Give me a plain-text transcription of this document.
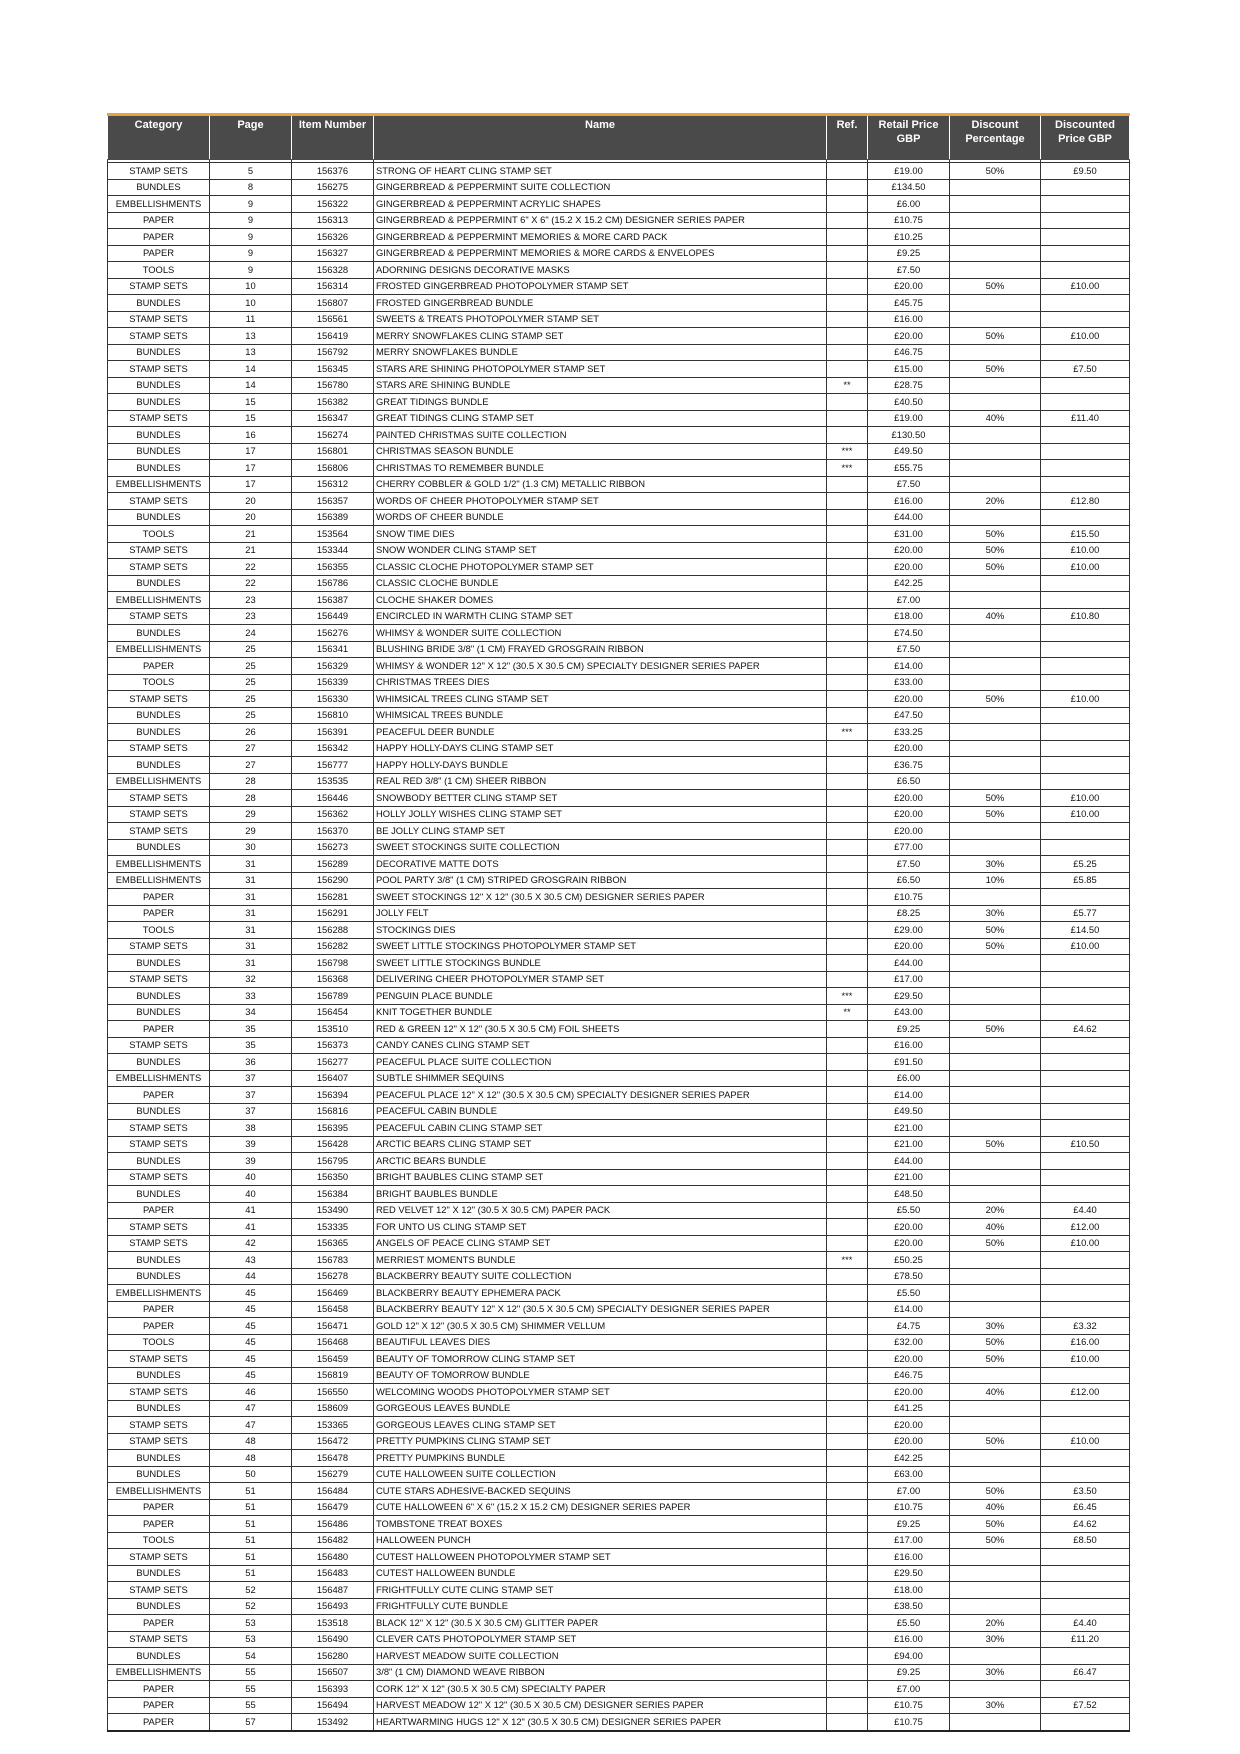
Category	Page	Item Number	Name	Ref.	Retail Price GBP	Discount Percentage	Discounted Price GBP

STAMP SETS	5	156376	STRONG OF HEART CLING STAMP SET		£19.00	50%	£9.50
BUNDLES	8	156275	GINGERBREAD & PEPPERMINT SUITE COLLECTION		£134.50		
EMBELLISHMENTS	9	156322	GINGERBREAD & PEPPERMINT ACRYLIC SHAPES		£6.00		
PAPER	9	156313	GINGERBREAD & PEPPERMINT 6" X 6" (15.2 X 15.2 CM) DESIGNER SERIES PAPER		£10.75		
PAPER	9	156326	GINGERBREAD & PEPPERMINT MEMORIES & MORE CARD PACK		£10.25		
PAPER	9	156327	GINGERBREAD & PEPPERMINT MEMORIES & MORE CARDS & ENVELOPES		£9.25		
TOOLS	9	156328	ADORNING DESIGNS DECORATIVE MASKS		£7.50		
STAMP SETS	10	156314	FROSTED GINGERBREAD PHOTOPOLYMER STAMP SET		£20.00	50%	£10.00
BUNDLES	10	156807	FROSTED GINGERBREAD BUNDLE		£45.75		
STAMP SETS	11	156561	SWEETS & TREATS PHOTOPOLYMER STAMP SET		£16.00		
STAMP SETS	13	156419	MERRY SNOWFLAKES CLING STAMP SET		£20.00	50%	£10.00
BUNDLES	13	156792	MERRY SNOWFLAKES BUNDLE		£46.75		
STAMP SETS	14	156345	STARS ARE SHINING PHOTOPOLYMER STAMP SET		£15.00	50%	£7.50
BUNDLES	14	156780	STARS ARE SHINING BUNDLE	**	£28.75		
BUNDLES	15	156382	GREAT TIDINGS BUNDLE		£40.50		
STAMP SETS	15	156347	GREAT TIDINGS CLING STAMP SET		£19.00	40%	£11.40
BUNDLES	16	156274	PAINTED CHRISTMAS SUITE COLLECTION		£130.50		
BUNDLES	17	156801	CHRISTMAS SEASON BUNDLE	***	£49.50		
BUNDLES	17	156806	CHRISTMAS TO REMEMBER BUNDLE	***	£55.75		
EMBELLISHMENTS	17	156312	CHERRY COBBLER & GOLD 1/2" (1.3 CM) METALLIC RIBBON		£7.50		
STAMP SETS	20	156357	WORDS OF CHEER PHOTOPOLYMER STAMP SET		£16.00	20%	£12.80
BUNDLES	20	156389	WORDS OF CHEER BUNDLE		£44.00		
TOOLS	21	153564	SNOW TIME DIES		£31.00	50%	£15.50
STAMP SETS	21	153344	SNOW WONDER CLING STAMP SET		£20.00	50%	£10.00
STAMP SETS	22	156355	CLASSIC CLOCHE PHOTOPOLYMER STAMP SET		£20.00	50%	£10.00
BUNDLES	22	156786	CLASSIC CLOCHE BUNDLE		£42.25		
EMBELLISHMENTS	23	156387	CLOCHE SHAKER DOMES		£7.00		
STAMP SETS	23	156449	ENCIRCLED IN WARMTH CLING STAMP SET		£18.00	40%	£10.80
BUNDLES	24	156276	WHIMSY & WONDER SUITE COLLECTION		£74.50		
EMBELLISHMENTS	25	156341	BLUSHING BRIDE 3/8" (1 CM) FRAYED GROSGRAIN RIBBON		£7.50		
PAPER	25	156329	WHIMSY & WONDER 12" X 12" (30.5 X 30.5 CM) SPECIALTY DESIGNER SERIES PAPER		£14.00		
TOOLS	25	156339	CHRISTMAS TREES DIES		£33.00		
STAMP SETS	25	156330	WHIMSICAL TREES CLING STAMP SET		£20.00	50%	£10.00
BUNDLES	25	156810	WHIMSICAL TREES BUNDLE		£47.50		
BUNDLES	26	156391	PEACEFUL DEER BUNDLE	***	£33.25		
STAMP SETS	27	156342	HAPPY HOLLY-DAYS CLING STAMP SET		£20.00		
BUNDLES	27	156777	HAPPY HOLLY-DAYS BUNDLE		£36.75		
EMBELLISHMENTS	28	153535	REAL RED 3/8" (1 CM) SHEER RIBBON		£6.50		
STAMP SETS	28	156446	SNOWBODY BETTER CLING STAMP SET		£20.00	50%	£10.00
STAMP SETS	29	156362	HOLLY JOLLY WISHES CLING STAMP SET		£20.00	50%	£10.00
STAMP SETS	29	156370	BE JOLLY CLING STAMP SET		£20.00		
BUNDLES	30	156273	SWEET STOCKINGS SUITE COLLECTION		£77.00		
EMBELLISHMENTS	31	156289	DECORATIVE MATTE DOTS		£7.50	30%	£5.25
EMBELLISHMENTS	31	156290	POOL PARTY 3/8" (1 CM) STRIPED GROSGRAIN RIBBON		£6.50	10%	£5.85
PAPER	31	156281	SWEET STOCKINGS 12" X 12" (30.5 X 30.5 CM) DESIGNER SERIES PAPER		£10.75		
PAPER	31	156291	JOLLY FELT		£8.25	30%	£5.77
TOOLS	31	156288	STOCKINGS DIES		£29.00	50%	£14.50
STAMP SETS	31	156282	SWEET LITTLE STOCKINGS PHOTOPOLYMER STAMP SET		£20.00	50%	£10.00
BUNDLES	31	156798	SWEET LITTLE STOCKINGS BUNDLE		£44.00		
STAMP SETS	32	156368	DELIVERING CHEER PHOTOPOLYMER STAMP SET		£17.00		
BUNDLES	33	156789	PENGUIN PLACE BUNDLE	***	£29.50		
BUNDLES	34	156454	KNIT TOGETHER BUNDLE	**	£43.00		
PAPER	35	153510	RED & GREEN 12" X 12" (30.5 X 30.5 CM) FOIL SHEETS		£9.25	50%	£4.62
STAMP SETS	35	156373	CANDY CANES CLING STAMP SET		£16.00		
BUNDLES	36	156277	PEACEFUL PLACE SUITE COLLECTION		£91.50		
EMBELLISHMENTS	37	156407	SUBTLE SHIMMER SEQUINS		£6.00		
PAPER	37	156394	PEACEFUL PLACE 12" X 12" (30.5 X 30.5 CM) SPECIALTY DESIGNER SERIES PAPER		£14.00		
BUNDLES	37	156816	PEACEFUL CABIN BUNDLE		£49.50		
STAMP SETS	38	156395	PEACEFUL CABIN CLING STAMP SET		£21.00		
STAMP SETS	39	156428	ARCTIC BEARS CLING STAMP SET		£21.00	50%	£10.50
BUNDLES	39	156795	ARCTIC BEARS BUNDLE		£44.00		
STAMP SETS	40	156350	BRIGHT BAUBLES CLING STAMP SET		£21.00		
BUNDLES	40	156384	BRIGHT BAUBLES BUNDLE		£48.50		
PAPER	41	153490	RED VELVET 12" X 12" (30.5 X 30.5 CM) PAPER PACK		£5.50	20%	£4.40
STAMP SETS	41	153335	FOR UNTO US CLING STAMP SET		£20.00	40%	£12.00
STAMP SETS	42	156365	ANGELS OF PEACE CLING STAMP SET		£20.00	50%	£10.00
BUNDLES	43	156783	MERRIEST MOMENTS BUNDLE	***	£50.25		
BUNDLES	44	156278	BLACKBERRY BEAUTY SUITE COLLECTION		£78.50		
EMBELLISHMENTS	45	156469	BLACKBERRY BEAUTY EPHEMERA PACK		£5.50		
PAPER	45	156458	BLACKBERRY BEAUTY 12" X 12" (30.5 X 30.5 CM) SPECIALTY DESIGNER SERIES PAPER		£14.00		
PAPER	45	156471	GOLD 12" X 12" (30.5 X 30.5 CM) SHIMMER VELLUM		£4.75	30%	£3.32
TOOLS	45	156468	BEAUTIFUL LEAVES DIES		£32.00	50%	£16.00
STAMP SETS	45	156459	BEAUTY OF TOMORROW CLING STAMP SET		£20.00	50%	£10.00
BUNDLES	45	156819	BEAUTY OF TOMORROW BUNDLE		£46.75		
STAMP SETS	46	156550	WELCOMING WOODS PHOTOPOLYMER STAMP SET		£20.00	40%	£12.00
BUNDLES	47	158609	GORGEOUS LEAVES BUNDLE		£41.25		
STAMP SETS	47	153365	GORGEOUS LEAVES CLING STAMP SET		£20.00		
STAMP SETS	48	156472	PRETTY PUMPKINS CLING STAMP SET		£20.00	50%	£10.00
BUNDLES	48	156478	PRETTY PUMPKINS BUNDLE		£42.25		
BUNDLES	50	156279	CUTE HALLOWEEN SUITE COLLECTION		£63.00		
EMBELLISHMENTS	51	156484	CUTE STARS ADHESIVE-BACKED SEQUINS		£7.00	50%	£3.50
PAPER	51	156479	CUTE HALLOWEEN 6" X 6" (15.2 X 15.2 CM) DESIGNER SERIES PAPER		£10.75	40%	£6.45
PAPER	51	156486	TOMBSTONE TREAT BOXES		£9.25	50%	£4.62
TOOLS	51	156482	HALLOWEEN PUNCH		£17.00	50%	£8.50
STAMP SETS	51	156480	CUTEST HALLOWEEN PHOTOPOLYMER STAMP SET		£16.00		
BUNDLES	51	156483	CUTEST HALLOWEEN BUNDLE		£29.50		
STAMP SETS	52	156487	FRIGHTFULLY CUTE CLING STAMP SET		£18.00		
BUNDLES	52	156493	FRIGHTFULLY CUTE BUNDLE		£38.50		
PAPER	53	153518	BLACK 12" X 12" (30.5 X 30.5 CM) GLITTER PAPER		£5.50	20%	£4.40
STAMP SETS	53	156490	CLEVER CATS PHOTOPOLYMER STAMP SET		£16.00	30%	£11.20
BUNDLES	54	156280	HARVEST MEADOW SUITE COLLECTION		£94.00		
EMBELLISHMENTS	55	156507	3/8" (1 CM) DIAMOND WEAVE RIBBON		£9.25	30%	£6.47
PAPER	55	156393	CORK 12" X 12" (30.5 X 30.5 CM) SPECIALTY PAPER		£7.00		
PAPER	55	156494	HARVEST MEADOW 12" X 12" (30.5 X 30.5 CM) DESIGNER SERIES PAPER		£10.75	30%	£7.52
PAPER	57	153492	HEARTWARMING HUGS 12" X 12" (30.5 X 30.5 CM) DESIGNER SERIES PAPER		£10.75		
